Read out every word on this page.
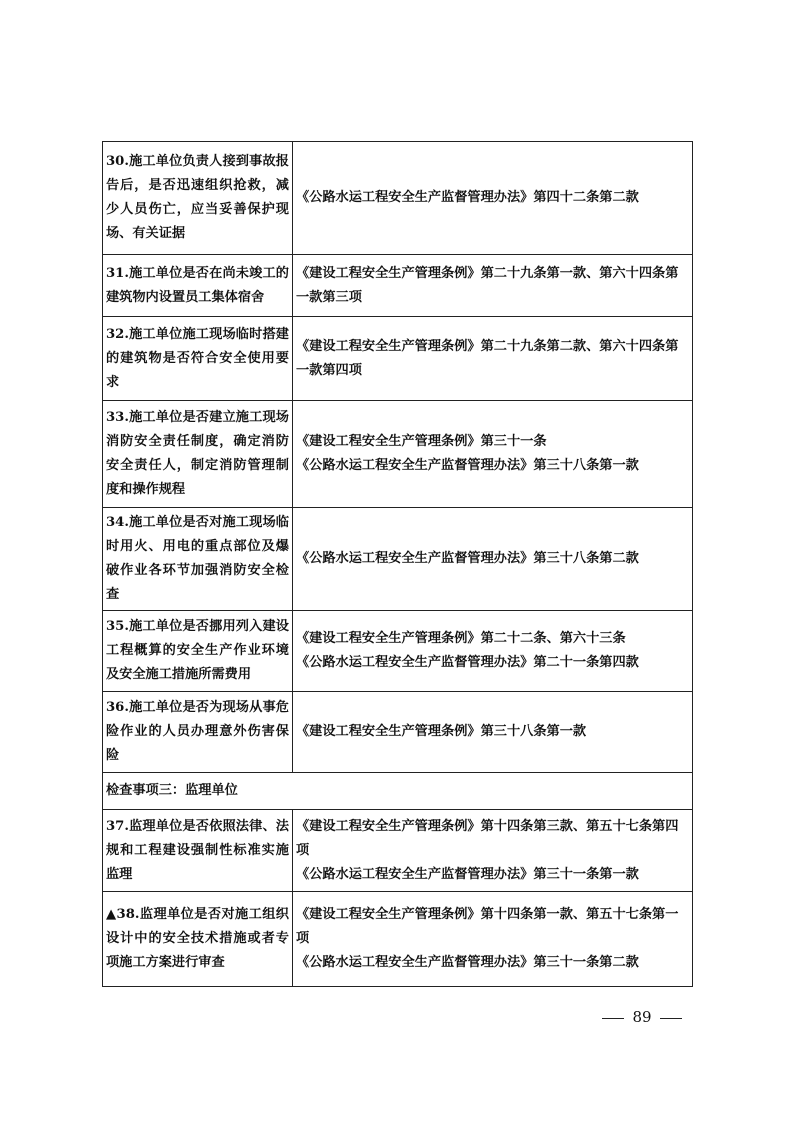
30.施工单位负责人接到事故报告后，是否迅速组织抢救，减少人员伤亡，应当妥善保护现场、有关证据	《公路水运工程安全生产监督管理办法》第四十二条第二款

31.施工单位是否在尚未竣工的建筑物内设置员工集体宿舍	《建设工程安全生产管理条例》第二十九条第一款、第六十四条第一款第三项

32.施工单位施工现场临时搭建的建筑物是否符合安全使用要求	《建设工程安全生产管理条例》第二十九条第二款、第六十四条第一款第四项

33.施工单位是否建立施工现场消防安全责任制度，确定消防安全责任人，制定消防管理制度和操作规程	《建设工程安全生产管理条例》第三十一条
《公路水运工程安全生产监督管理办法》第三十八条第一款

34.施工单位是否对施工现场临时用火、用电的重点部位及爆破作业各环节加强消防安全检查	《公路水运工程安全生产监督管理办法》第三十八条第二款

35.施工单位是否挪用列入建设工程概算的安全生产作业环境及安全施工措施所需费用	《建设工程安全生产管理条例》第二十二条、第六十三条
《公路水运工程安全生产监督管理办法》第二十一条第四款

36.施工单位是否为现场从事危险作业的人员办理意外伤害保险	《建设工程安全生产管理条例》第三十八条第一款

检查事项三：监理单位	
37.监理单位是否依照法律、法规和工程建设强制性标准实施监理	《建设工程安全生产管理条例》第十四条第三款、第五十七条第四项
《公路水运工程安全生产监督管理办法》第三十一条第一款

▲38.监理单位是否对施工组织设计中的安全技术措施或者专项施工方案进行审查	《建设工程安全生产管理条例》第十四条第一款、第五十七条第一项
《公路水运工程安全生产监督管理办法》第三十一条第二款
89
